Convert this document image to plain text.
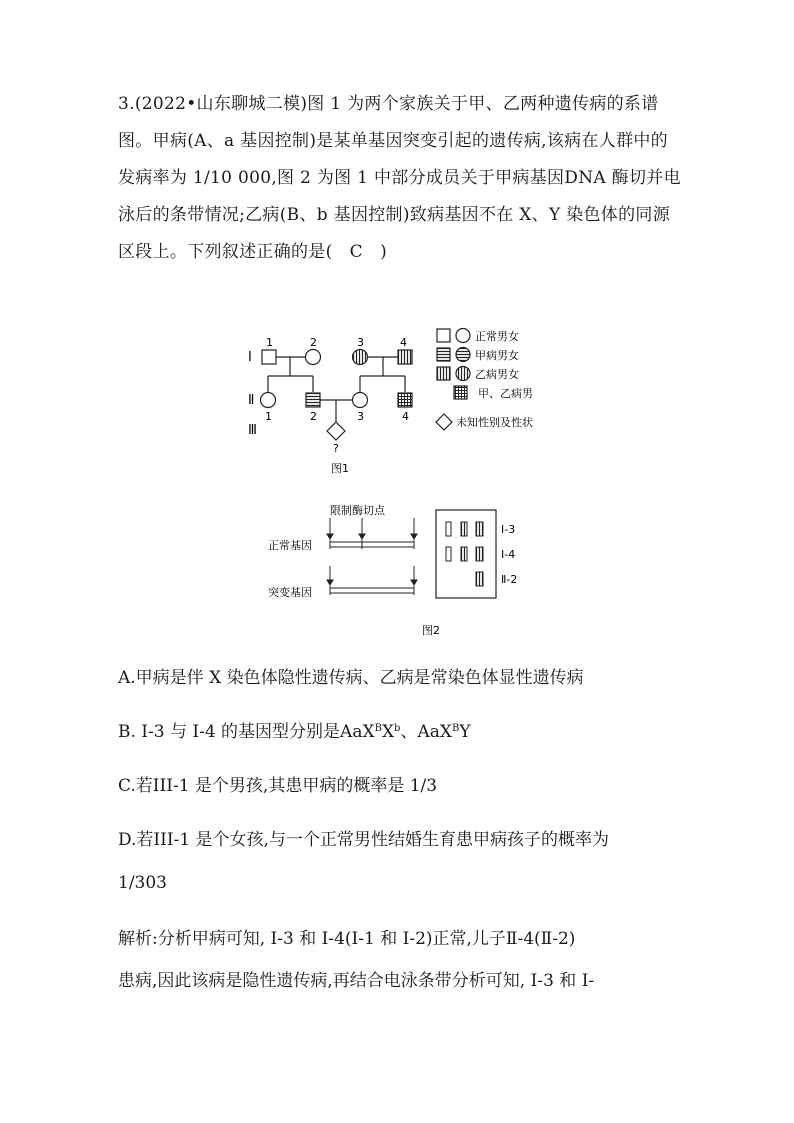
3.(2022•山东聊城二模)图 1 为两个家族关于甲、乙两种遗传病的系谱图。甲病(A、a 基因控制)是某单基因突变引起的遗传病,该病在人群中的发病率为 1/10 000,图 2 为图 1 中部分成员关于甲病基因DNA 酶切并电泳后的条带情况;乙病(B、b 基因控制)致病基因不在 X、Y 染色体的同源区段上。下列叙述正确的是( C )

Ⅰ
Ⅱ
Ⅲ
1	2	3	4
1	2	3	4
?
正常男女
甲病男女
乙病男女
甲、乙病男
未知性别及性状
图1
限制酶切点
正常基因
突变基因
Ⅰ-3
Ⅰ-4
Ⅱ-2
图2

A.甲病是伴 X 染色体隐性遗传病、乙病是常染色体显性遗传病

B. Ⅰ-3 与 Ⅰ-4 的基因型分别是$AaX^BX^b$、AaX$^B$Y

C.若III-1 是个男孩,其患甲病的概率是 1/3

D.若III-1 是个女孩,与一个正常男性结婚生育患甲病孩子的概率为

1/303

解析:分析甲病可知, Ⅰ-3 和 Ⅰ-4(Ⅰ-1 和 Ⅰ-2)正常,儿子Ⅱ-4(Ⅱ-2)

患病,因此该病是隐性遗传病,再结合电泳条带分析可知, Ⅰ-3 和 Ⅰ-
